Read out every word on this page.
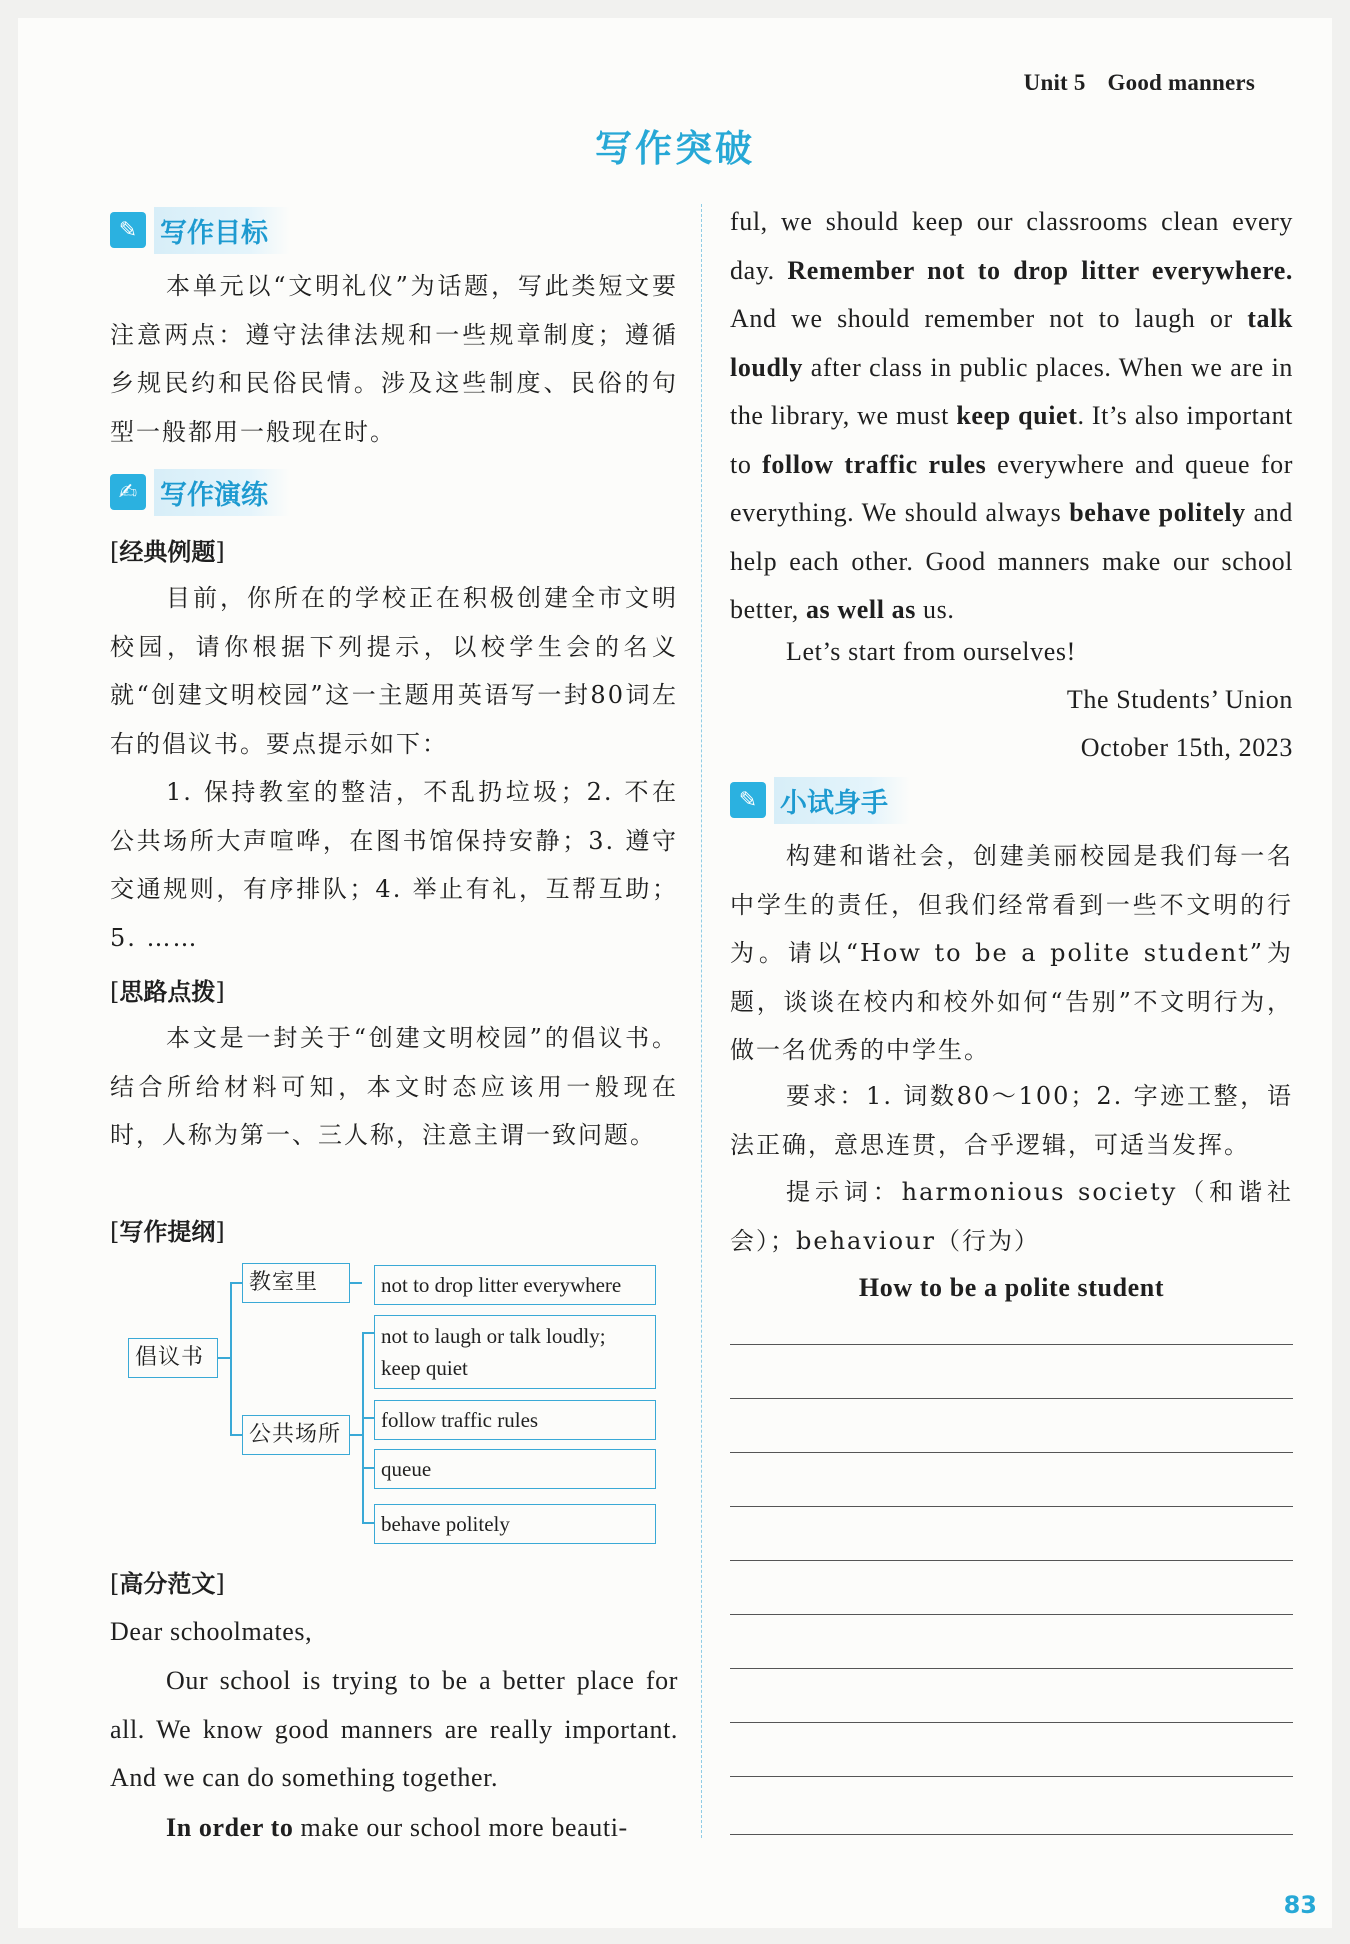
Unit 5 Good manners
写作突破
✎ 写作目标
本单元以“文明礼仪”为话题，写此类短文要注意两点：遵守法律法规和一些规章制度；遵循乡规民约和民俗民情。涉及这些制度、民俗的句型一般都用一般现在时。
✍ 写作演练
[经典例题]
目前，你所在的学校正在积极创建全市文明校园，请你根据下列提示，以校学生会的名义就“创建文明校园”这一主题用英语写一封80词左右的倡议书。要点提示如下：
1. 保持教室的整洁，不乱扔垃圾；2. 不在公共场所大声喧哗，在图书馆保持安静；3. 遵守交通规则，有序排队；4. 举止有礼，互帮互助；5. ……
[思路点拨]
本文是一封关于“创建文明校园”的倡议书。结合所给材料可知，本文时态应该用一般现在时，人称为第一、三人称，注意主谓一致问题。
[写作提纲]
倡议书
教室里
公共场所
not to drop litter everywhere
not to laugh or talk loudly;
keep quiet
follow traffic rules
queue
behave politely
[高分范文]
Dear schoolmates,
Our school is trying to be a better place for all. We know good manners are really important. And we can do something together.
In order to make our school more beauti-
ful, we should keep our classrooms clean every day. Remember not to drop litter everywhere. And we should remember not to laugh or talk loudly after class in public places. When we are in the library, we must keep quiet. It’s also important to follow traffic rules everywhere and queue for everything. We should always behave politely and help each other. Good manners make our school better, as well as us.
Let’s start from ourselves!
The Students’ Union
October 15th, 2023
✎ 小试身手
构建和谐社会，创建美丽校园是我们每一名中学生的责任，但我们经常看到一些不文明的行为。请以“How to be a polite student”为题，谈谈在校内和校外如何“告别”不文明行为，做一名优秀的中学生。
要求：1. 词数80～100；2. 字迹工整，语法正确，意思连贯，合乎逻辑，可适当发挥。
提示词：harmonious society（和谐社会）；behaviour（行为）
How to be a polite student
83
